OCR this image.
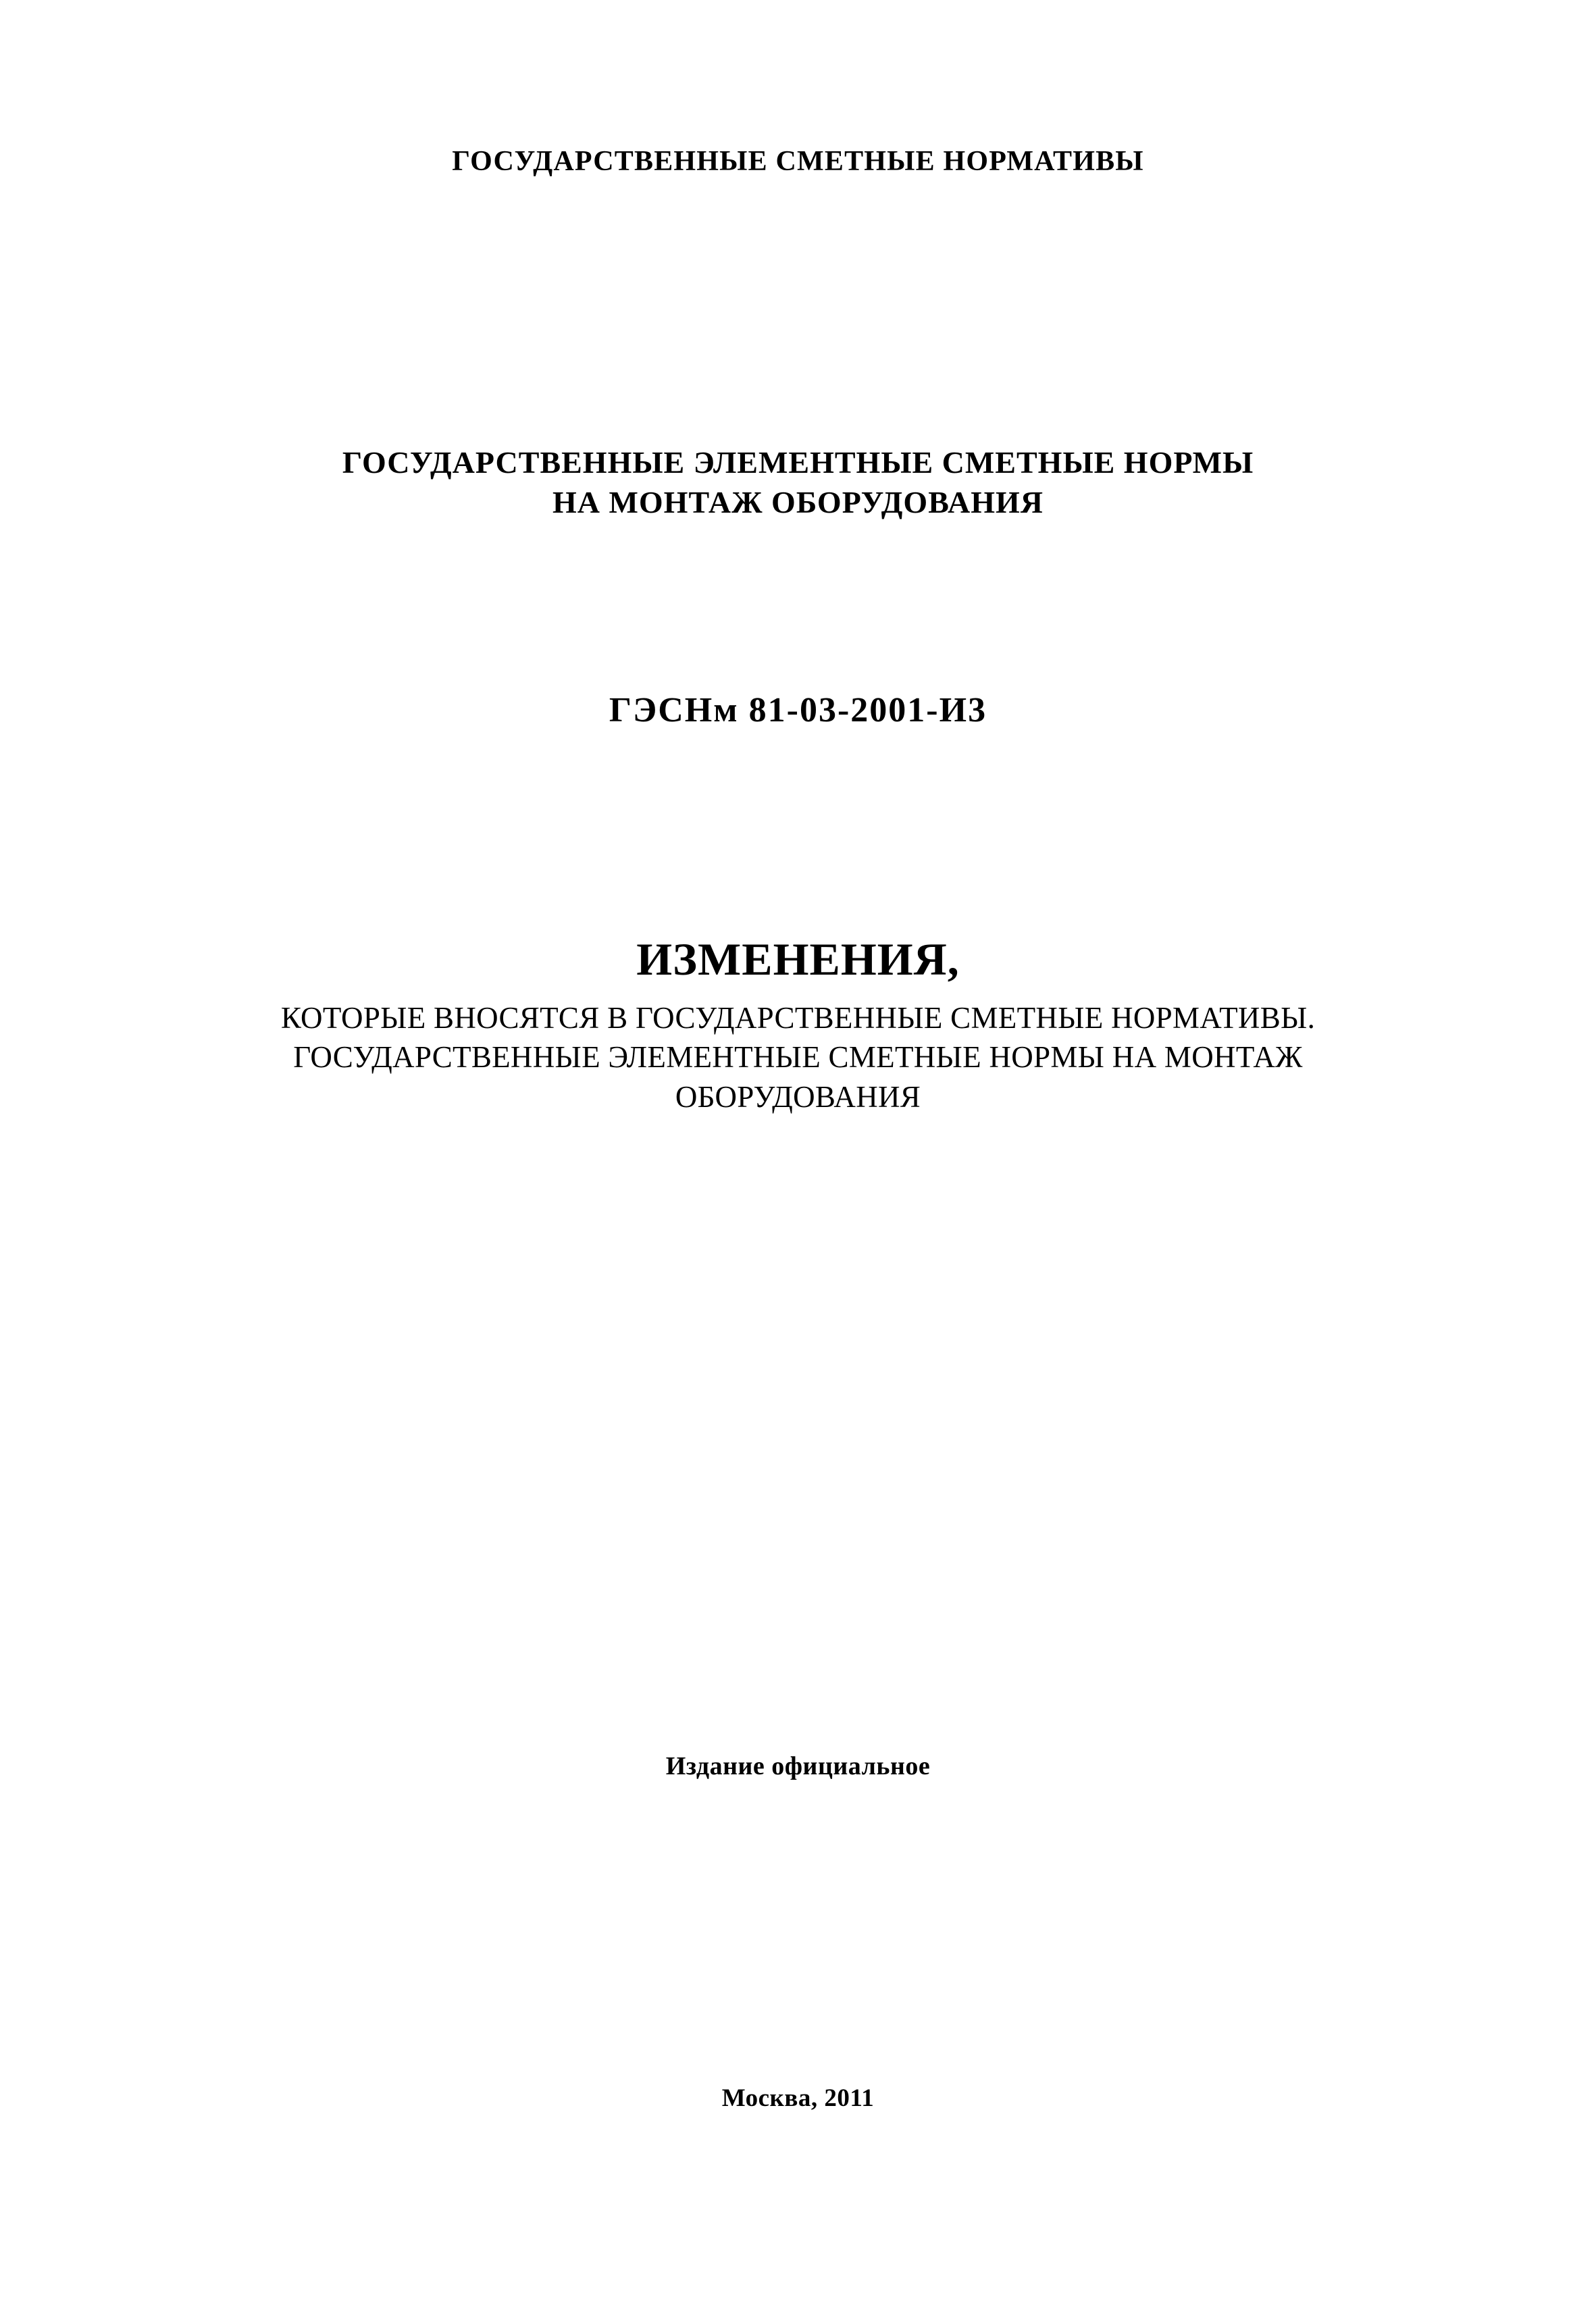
ГОСУДАРСТВЕННЫЕ СМЕТНЫЕ НОРМАТИВЫ
ГОСУДАРСТВЕННЫЕ ЭЛЕМЕНТНЫЕ СМЕТНЫЕ НОРМЫ
НА МОНТАЖ ОБОРУДОВАНИЯ
ГЭСНм 81‑03‑2001‑И3
ИЗМЕНЕНИЯ,
КОТОРЫЕ ВНОСЯТСЯ В ГОСУДАРСТВЕННЫЕ СМЕТНЫЕ НОРМАТИВЫ.
ГОСУДАРСТВЕННЫЕ ЭЛЕМЕНТНЫЕ СМЕТНЫЕ НОРМЫ НА МОНТАЖ
ОБОРУДОВАНИЯ
Издание официальное
Москва, 2011
